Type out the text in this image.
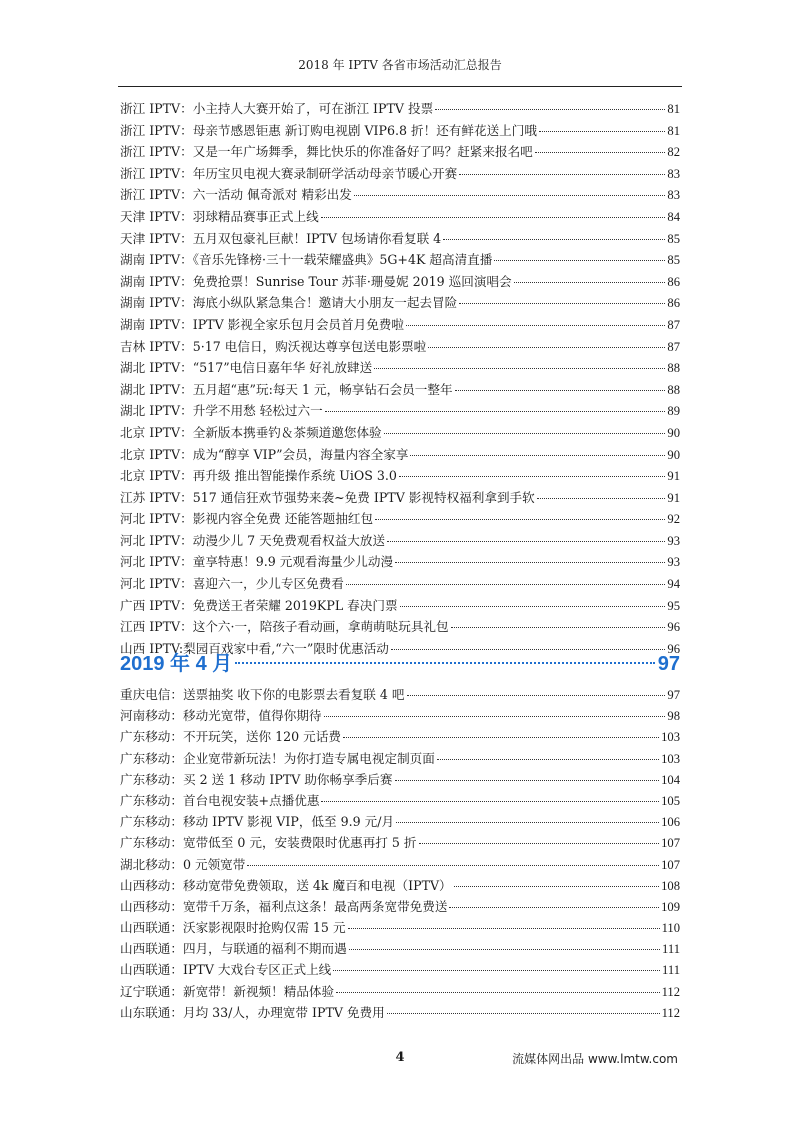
2018 年 IPTV 各省市场活动汇总报告
浙江 IPTV：小主持人大赛开始了，可在浙江 IPTV 投票	81
浙江 IPTV：母亲节感恩钜惠 新订购电视剧 VIP6.8 折！还有鲜花送上门哦	81
浙江 IPTV：又是一年广场舞季，舞比快乐的你准备好了吗？赶紧来报名吧	82
浙江 IPTV：年历宝贝电视大赛录制研学活动母亲节暖心开赛	83
浙江 IPTV：六一活动 佩奇派对 精彩出发	83
天津 IPTV：羽球精品赛事正式上线	84
天津 IPTV：五月双包豪礼巨献！IPTV 包场请你看复联 4	85
湖南 IPTV：《音乐先锋榜·三十一载荣耀盛典》5G+4K 超高清直播	85
湖南 IPTV：免费抢票！Sunrise Tour 苏菲·珊曼妮 2019 巡回演唱会	86
湖南 IPTV：海底小纵队紧急集合！邀请大小朋友一起去冒险	86
湖南 IPTV：IPTV 影视全家乐包月会员首月免费啦	87
吉林 IPTV：5·17 电信日，购沃视达尊享包送电影票啦	87
湖北 IPTV：“517”电信日嘉年华 好礼放肆送	88
湖北 IPTV：五月超“惠”玩:每天 1 元，畅享钻石会员一整年	88
湖北 IPTV：升学不用愁 轻松过六一	89
北京 IPTV：全新版本携垂钓＆茶频道邀您体验	90
北京 IPTV：成为“醇享 VIP”会员，海量内容全家享	90
北京 IPTV：再升级 推出智能操作系统 UiOS 3.0	91
江苏 IPTV：517 通信狂欢节强势来袭~免费 IPTV 影视特权福利拿到手软	91
河北 IPTV：影视内容全免费 还能答题抽红包	92
河北 IPTV：动漫少儿 7 天免费观看权益大放送	93
河北 IPTV：童享特惠！9.9 元观看海量少儿动漫	93
河北 IPTV：喜迎六一，少儿专区免费看	94
广西 IPTV：免费送王者荣耀 2019KPL 春决门票	95
江西 IPTV：这个六·一，陪孩子看动画，拿萌萌哒玩具礼包	96
山西 IPTV:梨园百戏家中看,“六一”限时优惠活动	96
2019 年 4 月	97
重庆电信：送票抽奖 收下你的电影票去看复联 4 吧	97
河南移动：移动光宽带，值得你期待	98
广东移动：不开玩笑，送你 120 元话费	103
广东移动：企业宽带新玩法！为你打造专属电视定制页面	103
广东移动：买 2 送 1 移动 IPTV 助你畅享季后赛	104
广东移动：首台电视安装+点播优惠	105
广东移动：移动 IPTV 影视 VIP，低至 9.9 元/月	106
广东移动：宽带低至 0 元，安装费限时优惠再打 5 折	107
湖北移动：0 元领宽带	107
山西移动：移动宽带免费领取，送 4k 魔百和电视（IPTV）	108
山西移动：宽带千万条，福利点这条！最高两条宽带免费送	109
山西联通：沃家影视限时抢购仅需 15 元	110
山西联通：四月，与联通的福利不期而遇	111
山西联通：IPTV 大戏台专区正式上线	111
辽宁联通：新宽带！新视频！精品体验	112
山东联通：月均 33/人，办理宽带 IPTV 免费用	112
4	流媒体网出品 www.lmtw.com
